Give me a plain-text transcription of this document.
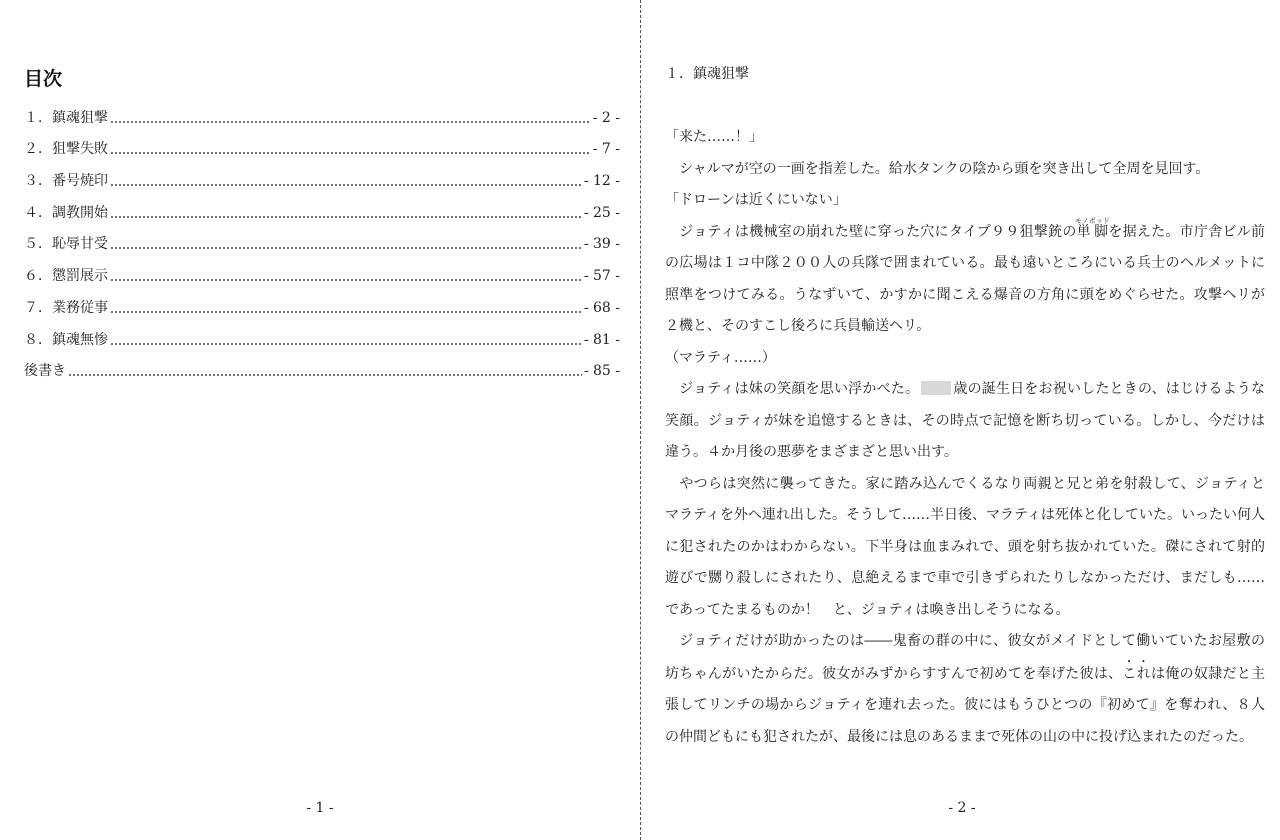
目次
１． 鎮魂狙撃	- 2 -
２． 狙撃失敗	- 7 -
３． 番号焼印	- 12 -
４． 調教開始	- 25 -
５． 恥辱甘受	- 39 -
６． 懲罰展示	- 57 -
７． 業務従事	- 68 -
８． 鎮魂無惨	- 81 -
後書き	- 85 -
- 1 -
１．鎮魂狙撃

「来た……！」

　シャルマが空の一画を指差した。給水タンクの陰から頭を突き出して全周を見回す。

「ドローンは近くにいない」

　ジョティは機械室の崩れた壁に穿った穴にタイプ９９狙撃銃の単脚モノポッドを据えた。市庁舎ビル前の広場は１コ中隊２００人の兵隊で囲まれている。最も遠いところにいる兵士のヘルメットに照準をつけてみる。うなずいて、かすかに聞こえる爆音の方角に頭をめぐらせた。攻撃ヘリが２機と、そのすこし後ろに兵員輸送ヘリ。

（マラティ……）

　ジョティは妹の笑顔を思い浮かべた。 歳の誕生日をお祝いしたときの、はじけるような笑顔。ジョティが妹を追憶するときは、その時点で記憶を断ち切っている。しかし、今だけは違う。４か月後の悪夢をまざまざと思い出す。

　やつらは突然に襲ってきた。家に踏み込んでくるなり両親と兄と弟を射殺して、ジョティとマラティを外へ連れ出した。そうして……半日後、マラティは死体と化していた。いったい何人に犯されたのかはわからない。下半身は血まみれで、頭を射ち抜かれていた。磔にされて射的遊びで嬲り殺しにされたり、息絶えるまで車で引きずられたりしなかっただけ、まだしも……であってたまるものか！　と、ジョティは喚き出しそうになる。

　ジョティだけが助かったのは――鬼畜の群の中に、彼女がメイドとして働いていたお屋敷の坊ちゃんがいたからだ。彼女がみずからすすんで初めてを奉げた彼は、これは俺の奴隷だと主張してリンチの場からジョティを連れ去った。彼にはもうひとつの『初めて』を奪われ、８人の仲間どもにも犯されたが、最後には息のあるままで死体の山の中に投げ込まれたのだった。

- 2 -
